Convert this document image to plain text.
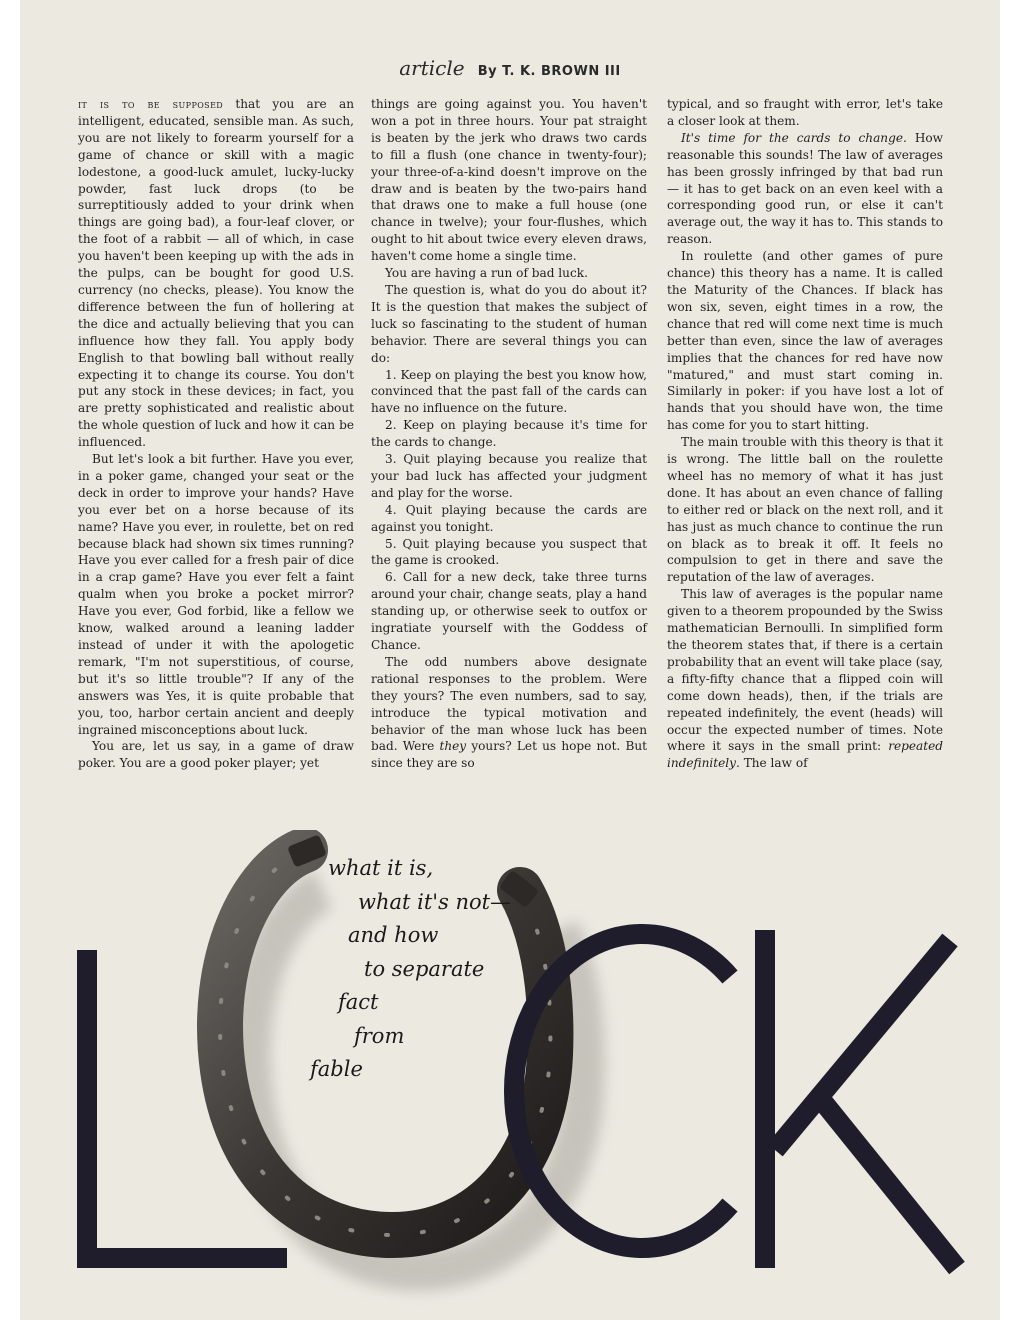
article By T. K. BROWN III

it is to be supposed that you are an intelligent, educated, sensible man. As such, you are not likely to forearm yourself for a game of chance or skill with a magic lodestone, a good-luck amulet, lucky-lucky powder, fast luck drops (to be surreptitiously added to your drink when things are going bad), a four-leaf clover, or the foot of a rabbit — all of which, in case you haven't been keeping up with the ads in the pulps, can be bought for good U.S. currency (no checks, please). You know the difference between the fun of hollering at the dice and actually believing that you can influence how they fall. You apply body English to that bowling ball without really expecting it to change its course. You don't put any stock in these devices; in fact, you are pretty sophisticated and realistic about the whole question of luck and how it can be influenced.

But let's look a bit further. Have you ever, in a poker game, changed your seat or the deck in order to improve your hands? Have you ever bet on a horse because of its name? Have you ever, in roulette, bet on red because black had shown six times running? Have you ever called for a fresh pair of dice in a crap game? Have you ever felt a faint qualm when you broke a pocket mirror? Have you ever, God forbid, like a fellow we know, walked around a leaning ladder instead of under it with the apologetic remark, "I'm not superstitious, of course, but it's so little trouble"? If any of the answers was Yes, it is quite probable that you, too, harbor certain ancient and deeply ingrained misconceptions about luck.

You are, let us say, in a game of draw poker. You are a good poker player; yet

things are going against you. You haven't won a pot in three hours. Your pat straight is beaten by the jerk who draws two cards to fill a flush (one chance in twenty-four); your three-of-a-kind doesn't improve on the draw and is beaten by the two-pairs hand that draws one to make a full house (one chance in twelve); your four-flushes, which ought to hit about twice every eleven draws, haven't come home a single time.

You are having a run of bad luck.

The question is, what do you do about it? It is the question that makes the subject of luck so fascinating to the student of human behavior. There are several things you can do:

1. Keep on playing the best you know how, convinced that the past fall of the cards can have no influence on the future.

2. Keep on playing because it's time for the cards to change.

3. Quit playing because you realize that your bad luck has affected your judgment and play for the worse.

4. Quit playing because the cards are against you tonight.

5. Quit playing because you suspect that the game is crooked.

6. Call for a new deck, take three turns around your chair, change seats, play a hand standing up, or otherwise seek to outfox or ingratiate yourself with the Goddess of Chance.

The odd numbers above designate rational responses to the problem. Were they yours? The even numbers, sad to say, introduce the typical motivation and behavior of the man whose luck has been bad. Were they yours? Let us hope not. But since they are so

typical, and so fraught with error, let's take a closer look at them.

It's time for the cards to change. How reasonable this sounds! The law of averages has been grossly infringed by that bad run — it has to get back on an even keel with a corresponding good run, or else it can't average out, the way it has to. This stands to reason.

In roulette (and other games of pure chance) this theory has a name. It is called the Maturity of the Chances. If black has won six, seven, eight times in a row, the chance that red will come next time is much better than even, since the law of averages implies that the chances for red have now "matured," and must start coming in. Similarly in poker: if you have lost a lot of hands that you should have won, the time has come for you to start hitting.

The main trouble with this theory is that it is wrong. The little ball on the roulette wheel has no memory of what it has just done. It has about an even chance of falling to either red or black on the next roll, and it has just as much chance to continue the run on black as to break it off. It feels no compulsion to get in there and save the reputation of the law of averages.

This law of averages is the popular name given to a theorem propounded by the Swiss mathematician Bernoulli. In simplified form the theorem states that, if there is a certain probability that an event will take place (say, a fifty-fifty chance that a flipped coin will come down heads), then, if the trials are repeated indefinitely, the event (heads) will occur the expected number of times. Note where it says in the small print: repeated indefinitely. The law of

L
what it is,
what it's not—
and how
to separate
fact
from
fable
